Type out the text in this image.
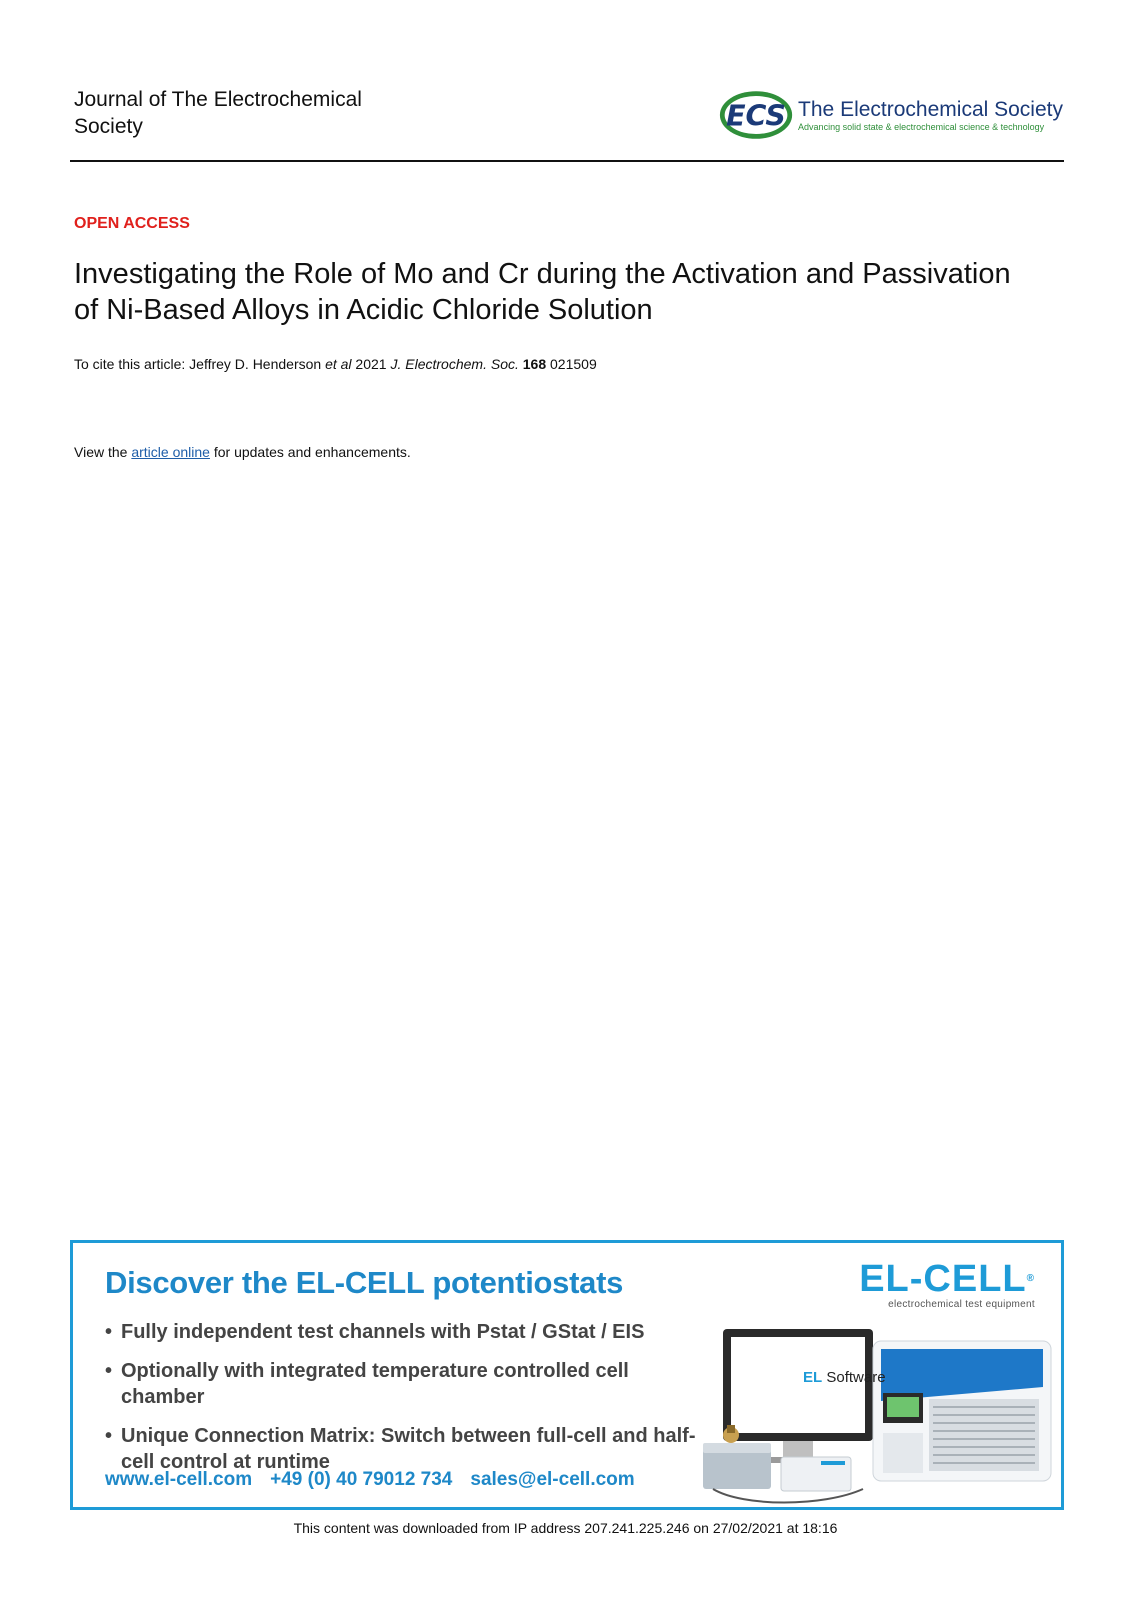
Journal of The Electrochemical Society	ECS The Electrochemical Society
Advancing solid state & electrochemical science & technology
OPEN ACCESS
Investigating the Role of Mo and Cr during the Activation and Passivation of Ni-Based Alloys in Acidic Chloride Solution
To cite this article: Jeffrey D. Henderson et al 2021 J. Electrochem. Soc. 168 021509
View the article online for updates and enhancements.
Discover the EL-CELL potentiostats
• Fully independent test channels with Pstat / GStat / EIS
• Optionally with integrated temperature controlled cell chamber
• Unique Connection Matrix: Switch between full-cell and half-cell control at runtime
www.el-cell.com +49 (0) 40 79012 734 sales@el-cell.com
EL-CELL®
electrochemical test equipment
EL Software
This content was downloaded from IP address 207.241.225.246 on 27/02/2021 at 18:16
